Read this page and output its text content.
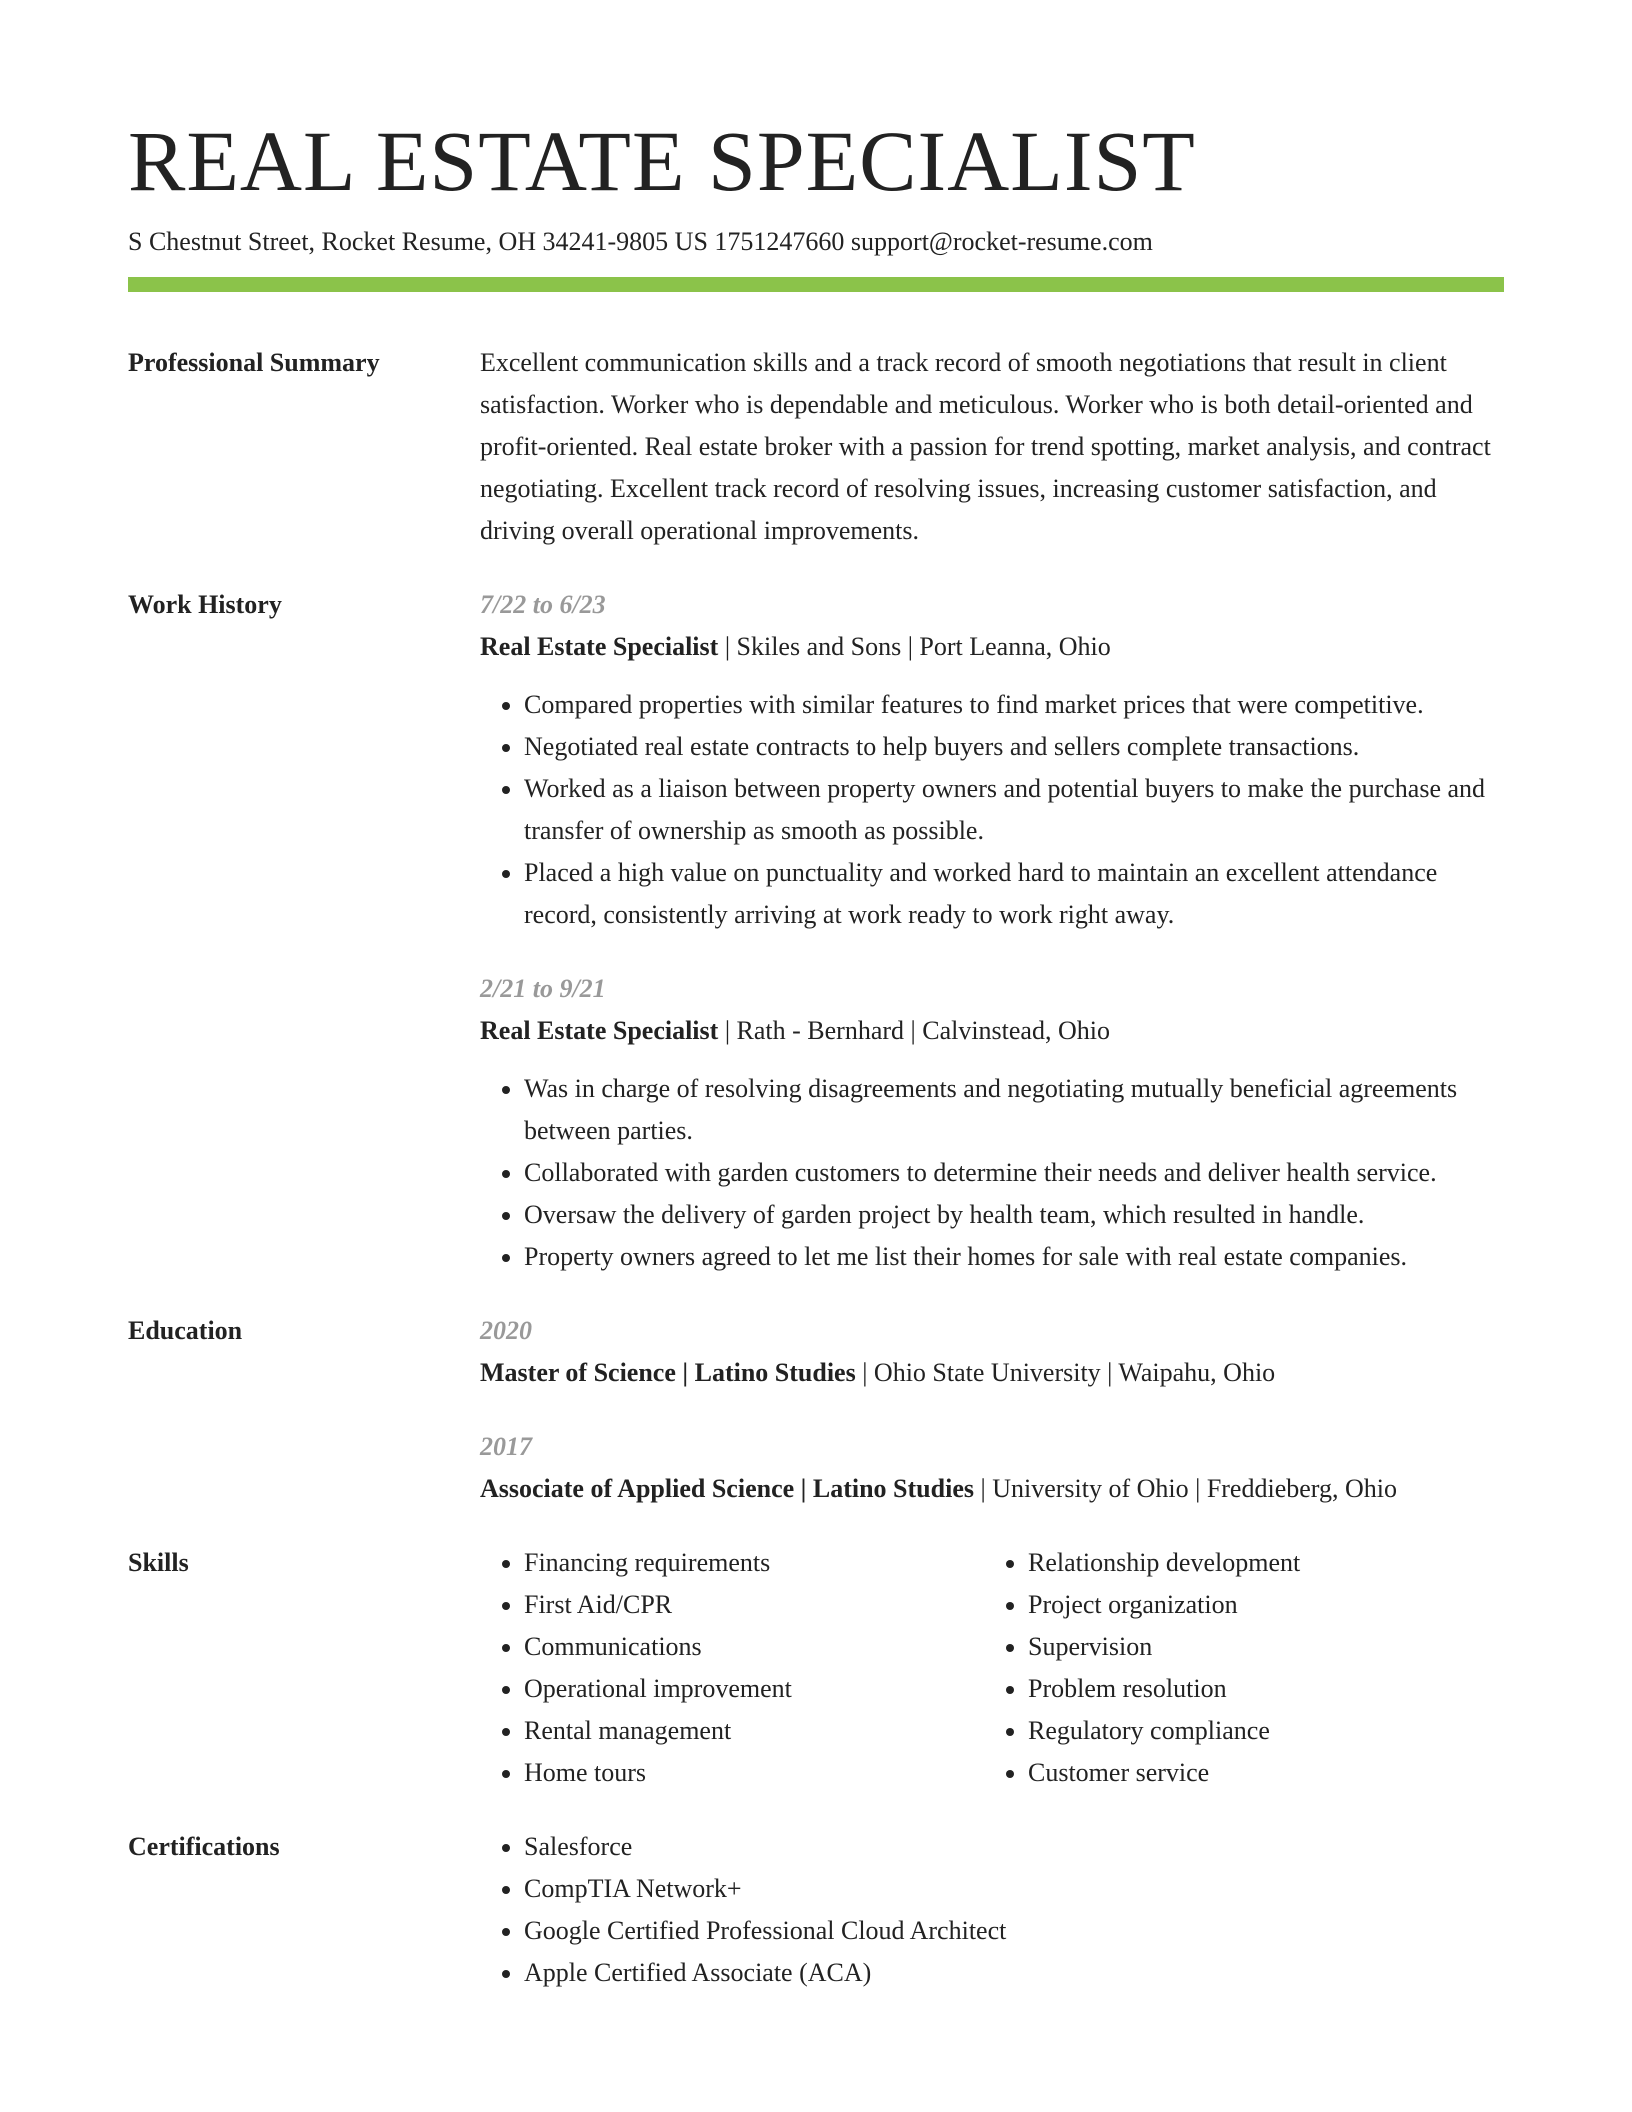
REAL ESTATE SPECIALIST
S Chestnut Street, Rocket Resume, OH 34241-9805 US 1751247660 support@rocket-resume.com
Professional Summary	Excellent communication skills and a track record of smooth negotiations that result in client satisfaction. Worker who is dependable and meticulous. Worker who is both detail-oriented and profit-oriented. Real estate broker with a passion for trend spotting, market analysis, and contract negotiating. Excellent track record of resolving issues, increasing customer satisfaction, and driving overall operational improvements.
Work History	7/22 to 6/23
Real Estate Specialist | Skiles and Sons | Port Leanna, Ohio
• Compared properties with similar features to find market prices that were competitive.
• Negotiated real estate contracts to help buyers and sellers complete transactions.
• Worked as a liaison between property owners and potential buyers to make the purchase and transfer of ownership as smooth as possible.
• Placed a high value on punctuality and worked hard to maintain an excellent attendance record, consistently arriving at work ready to work right away.
2/21 to 9/21
Real Estate Specialist | Rath - Bernhard | Calvinstead, Ohio
• Was in charge of resolving disagreements and negotiating mutually beneficial agreements between parties.
• Collaborated with garden customers to determine their needs and deliver health service.
• Oversaw the delivery of garden project by health team, which resulted in handle.
• Property owners agreed to let me list their homes for sale with real estate companies.
Education	2020
Master of Science | Latino Studies | Ohio State University | Waipahu, Ohio
2017
Associate of Applied Science | Latino Studies | University of Ohio | Freddieberg, Ohio
Skills	• Financing requirements
• First Aid/CPR
• Communications
• Operational improvement
• Rental management
• Home tours
• Relationship development
• Project organization
• Supervision
• Problem resolution
• Regulatory compliance
• Customer service
Certifications	• Salesforce
• CompTIA Network+
• Google Certified Professional Cloud Architect
• Apple Certified Associate (ACA)
